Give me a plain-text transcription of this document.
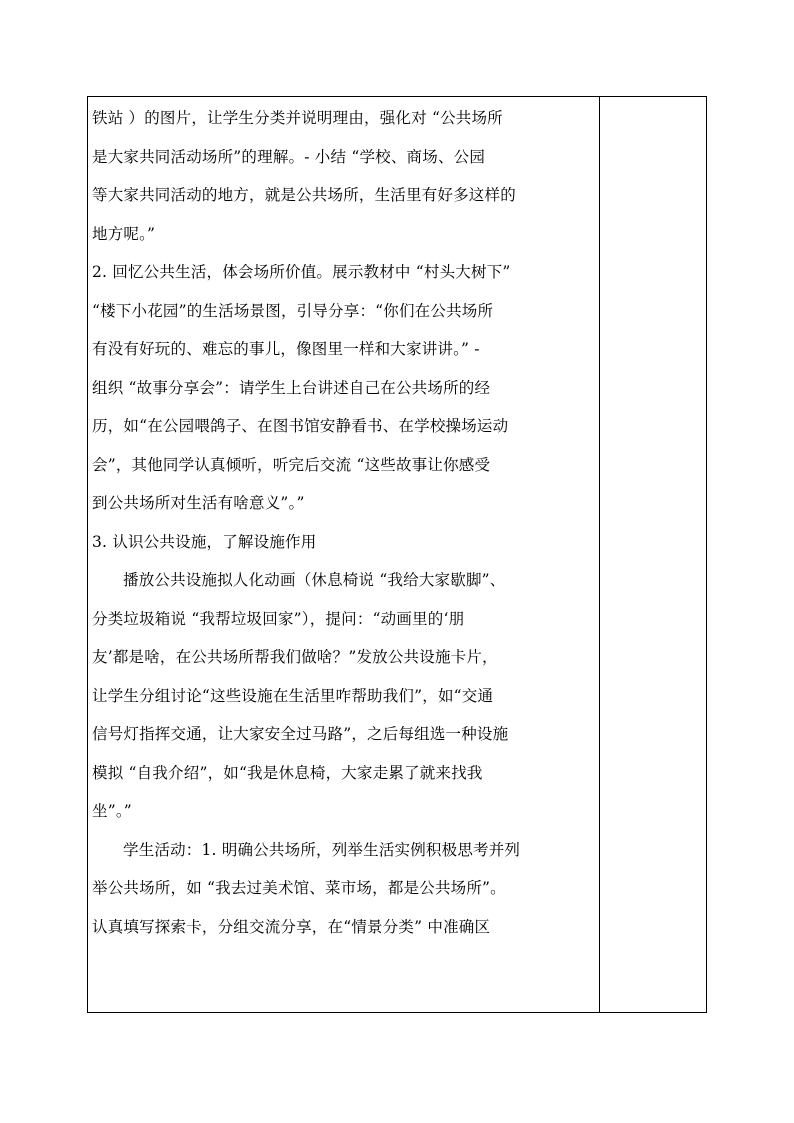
铁站 ）的图片，让学生分类并说明理由，强化对 “公共场所
是大家共同活动场所”的理解。- 小结 “学校、商场、公园
等大家共同活动的地方，就是公共场所，生活里有好多这样的
地方呢。”
2. 回忆公共生活，体会场所价值。展示教材中 “村头大树下”
“楼下小花园”的生活场景图，引导分享：“你们在公共场所
有没有好玩的、难忘的事儿，像图里一样和大家讲讲。” -
组织 “故事分享会”：请学生上台讲述自己在公共场所的经
历，如“在公园喂鸽子、在图书馆安静看书、在学校操场运动
会”，其他同学认真倾听，听完后交流 “这些故事让你感受
到公共场所对生活有啥意义”。”
3. 认识公共设施，了解设施作用
播放公共设施拟人化动画（休息椅说 “我给大家歇脚”、
分类垃圾箱说 “我帮垃圾回家”），提问：“动画里的‘朋
友’都是啥，在公共场所帮我们做啥？”发放公共设施卡片，
让学生分组讨论“这些设施在生活里咋帮助我们”，如“交通
信号灯指挥交通，让大家安全过马路”，之后每组选一种设施
模拟 “自我介绍”，如“我是休息椅，大家走累了就来找我
坐”。”
学生活动：1. 明确公共场所，列举生活实例积极思考并列
举公共场所，如 “我去过美术馆、菜市场，都是公共场所”。
认真填写探索卡，分组交流分享，在“情景分类” 中准确区
